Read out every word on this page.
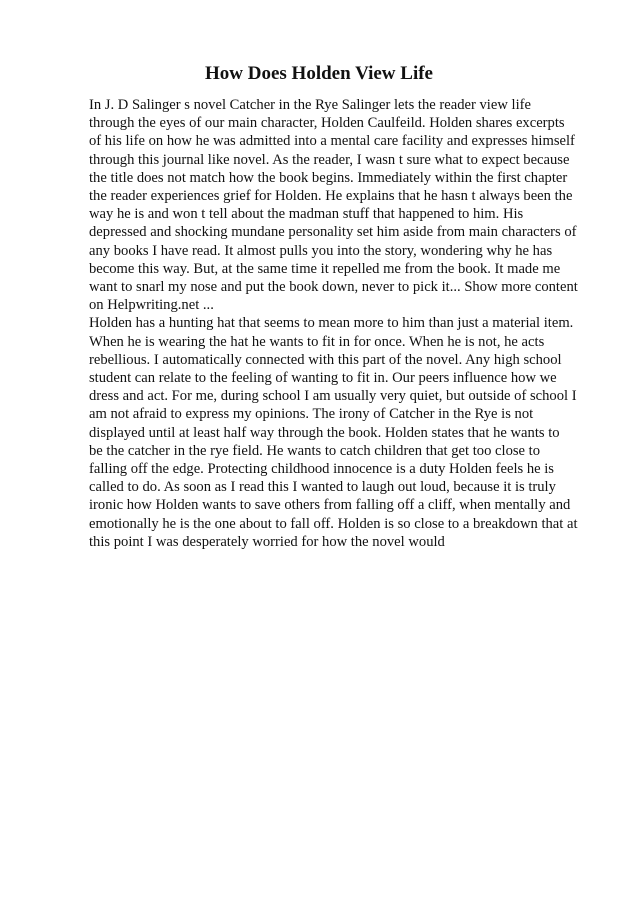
How Does Holden View Life
In J. D Salinger s novel Catcher in the Rye Salinger lets the reader view life
through the eyes of our main character, Holden Caulfeild. Holden shares excerpts
of his life on how he was admitted into a mental care facility and expresses himself
through this journal like novel. As the reader, I wasn t sure what to expect because
the title does not match how the book begins. Immediately within the first chapter
the reader experiences grief for Holden. He explains that he hasn t always been the
way he is and won t tell about the madman stuff that happened to him. His
depressed and shocking mundane personality set him aside from main characters of
any books I have read. It almost pulls you into the story, wondering why he has
become this way. But, at the same time it repelled me from the book. It made me
want to snarl my nose and put the book down, never to pick it... Show more content
on Helpwriting.net ...
Holden has a hunting hat that seems to mean more to him than just a material item.
When he is wearing the hat he wants to fit in for once. When he is not, he acts
rebellious. I automatically connected with this part of the novel. Any high school
student can relate to the feeling of wanting to fit in. Our peers influence how we
dress and act. For me, during school I am usually very quiet, but outside of school I
am not afraid to express my opinions. The irony of Catcher in the Rye is not
displayed until at least half way through the book. Holden states that he wants to
be the catcher in the rye field. He wants to catch children that get too close to
falling off the edge. Protecting childhood innocence is a duty Holden feels he is
called to do. As soon as I read this I wanted to laugh out loud, because it is truly
ironic how Holden wants to save others from falling off a cliff, when mentally and
emotionally he is the one about to fall off. Holden is so close to a breakdown that at
this point I was desperately worried for how the novel would
